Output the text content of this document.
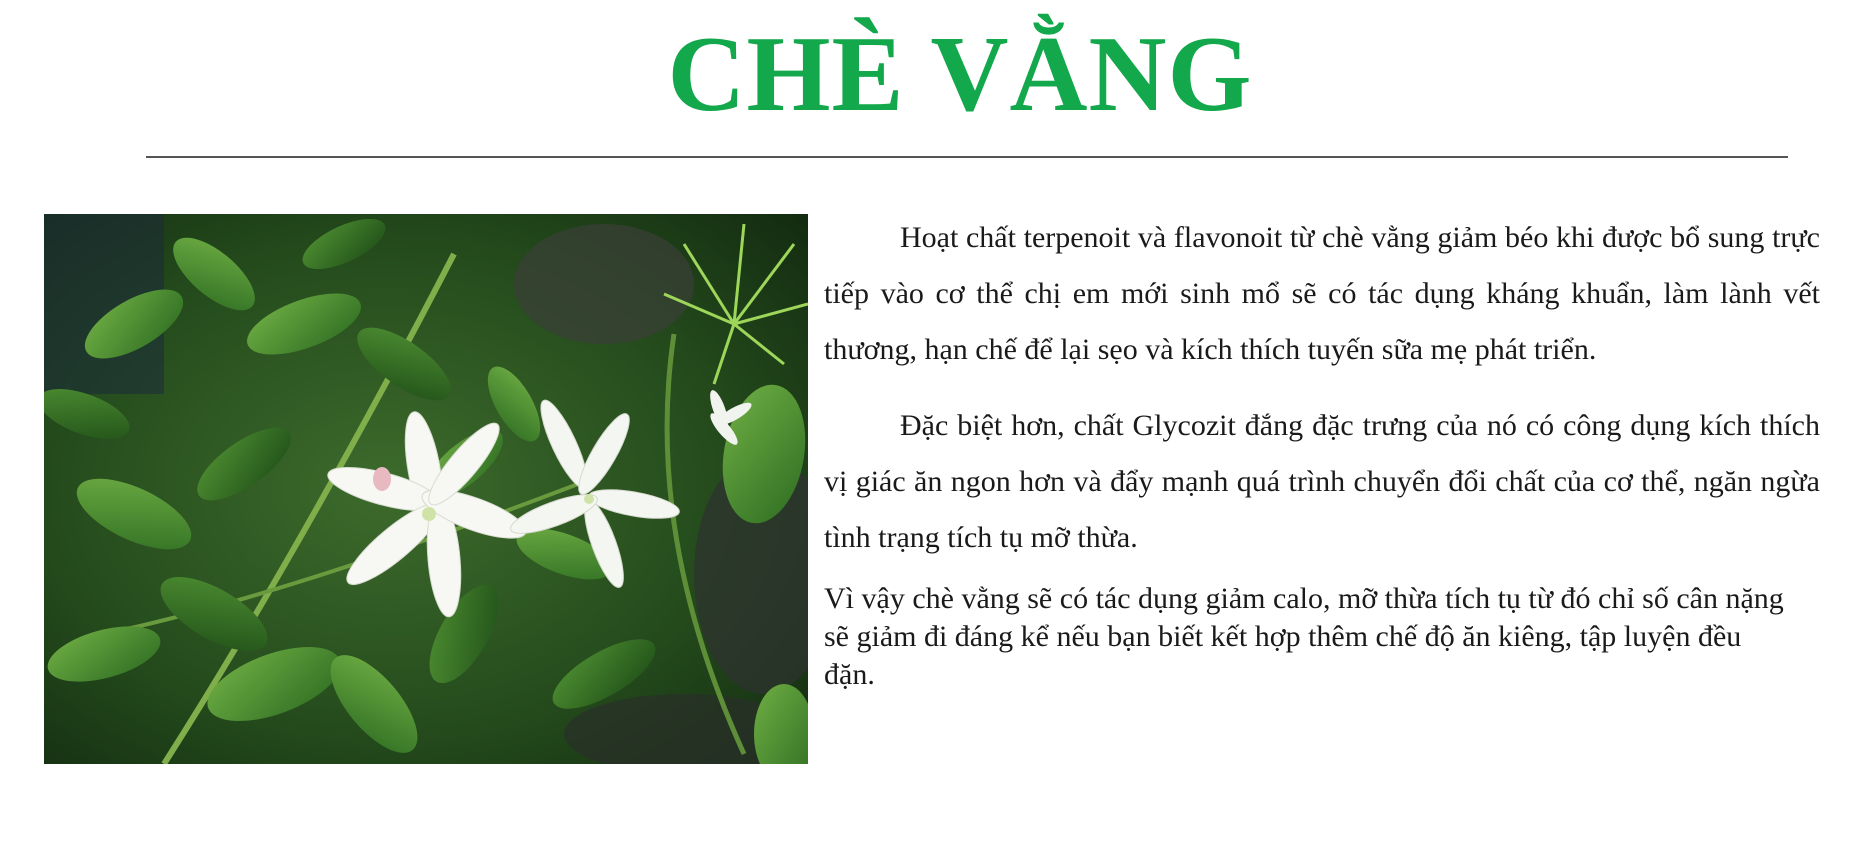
CHÈ VẰNG

Hoạt chất terpenoit và flavonoit từ chè vằng giảm béo khi được bổ sung trực tiếp vào cơ thể chị em mới sinh mổ sẽ có tác dụng kháng khuẩn, làm lành vết thương, hạn chế để lại sẹo và kích thích tuyến sữa mẹ phát triển.

Đặc biệt hơn, chất Glycozit đắng đặc trưng của nó có công dụng kích thích vị giác ăn ngon hơn và đẩy mạnh quá trình chuyển đổi chất của cơ thể, ngăn ngừa tình trạng tích tụ mỡ thừa.

Vì vậy chè vằng sẽ có tác dụng giảm calo, mỡ thừa tích tụ từ đó chỉ số cân nặng sẽ giảm đi đáng kể nếu bạn biết kết hợp thêm chế độ ăn kiêng, tập luyện đều đặn.
